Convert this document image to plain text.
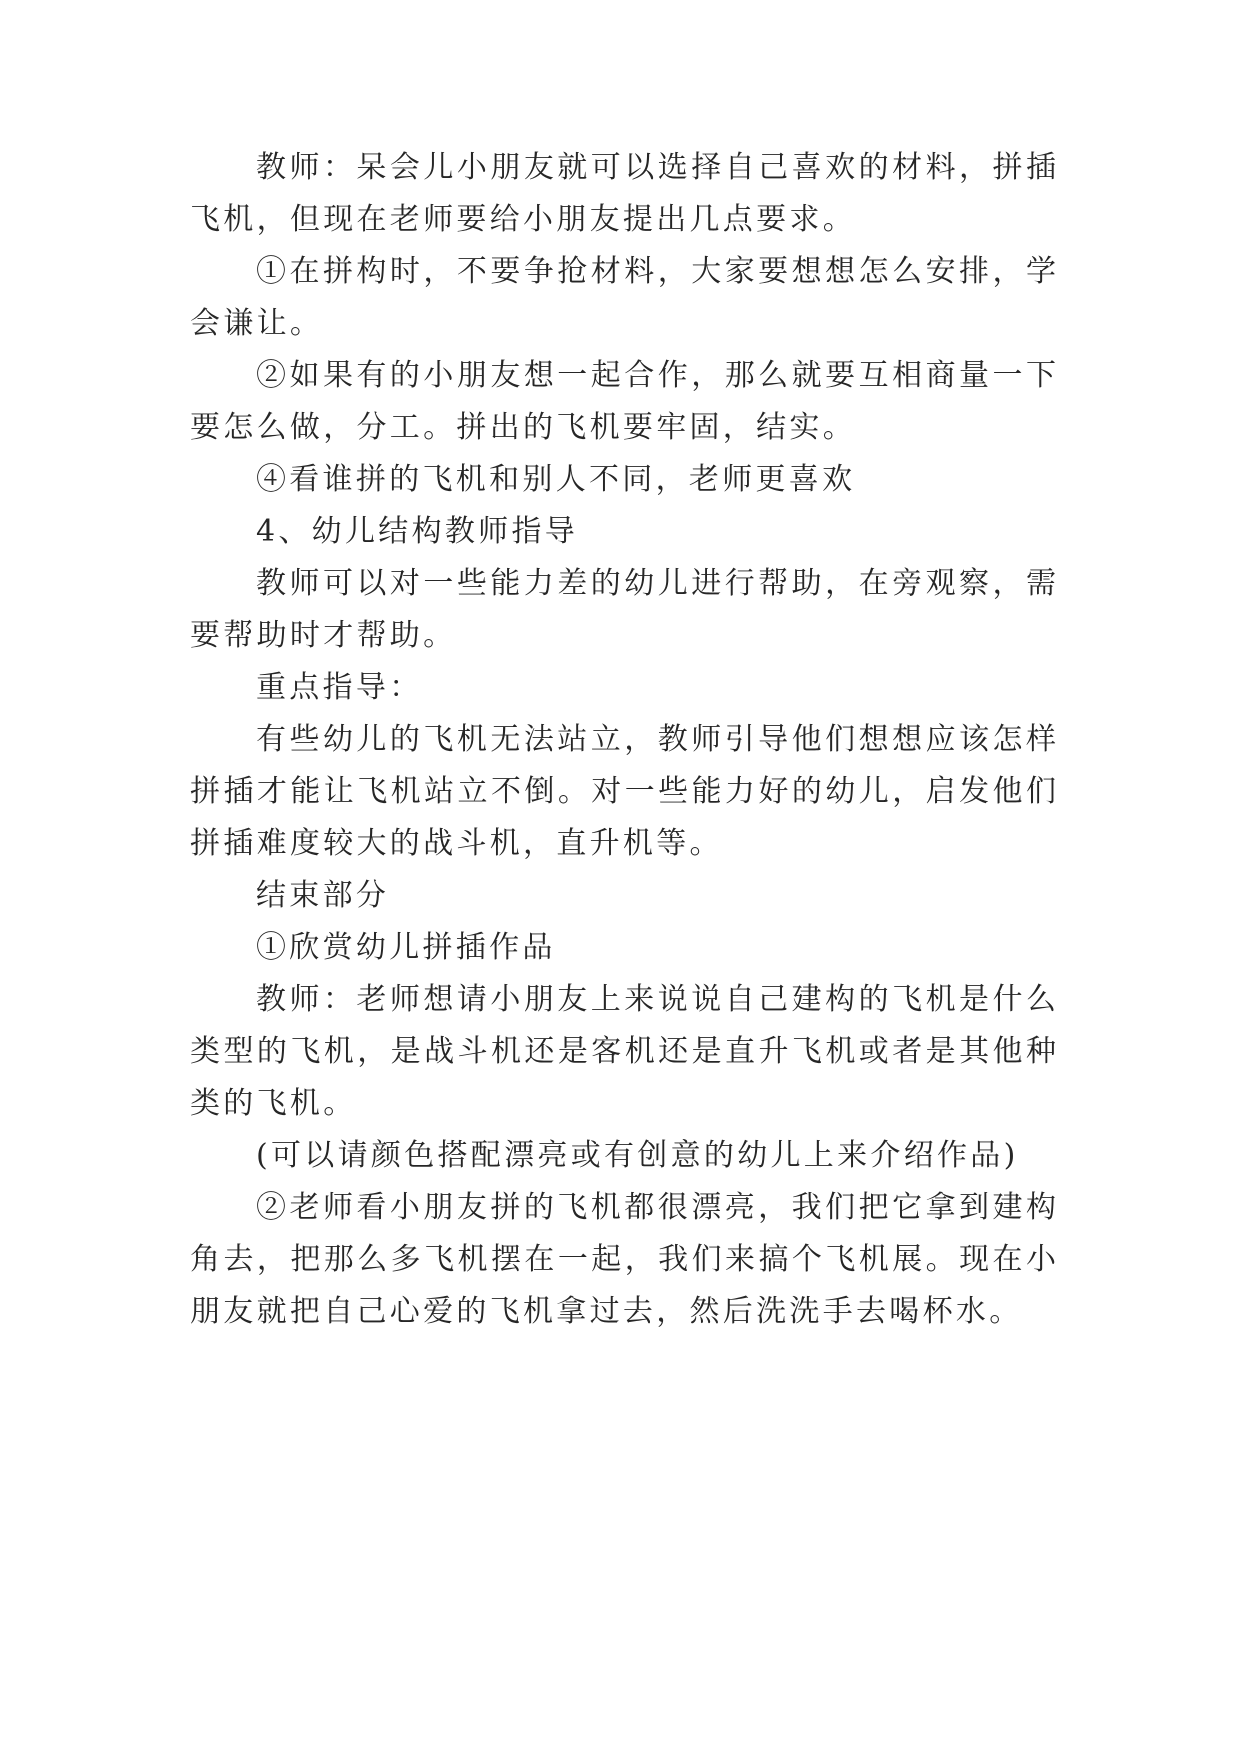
教师：呆会儿小朋友就可以选择自己喜欢的材料，拼插
飞机，但现在老师要给小朋友提出几点要求。
①在拼构时，不要争抢材料，大家要想想怎么安排，学
会谦让。
②如果有的小朋友想一起合作，那么就要互相商量一下
要怎么做，分工。拼出的飞机要牢固，结实。
④看谁拼的飞机和别人不同，老师更喜欢
4、幼儿结构教师指导
教师可以对一些能力差的幼儿进行帮助，在旁观察，需
要帮助时才帮助。
重点指导：
有些幼儿的飞机无法站立，教师引导他们想想应该怎样
拼插才能让飞机站立不倒。对一些能力好的幼儿，启发他们
拼插难度较大的战斗机，直升机等。
结束部分
①欣赏幼儿拼插作品
教师：老师想请小朋友上来说说自己建构的飞机是什么
类型的飞机，是战斗机还是客机还是直升飞机或者是其他种
类的飞机。
(可以请颜色搭配漂亮或有创意的幼儿上来介绍作品)
②老师看小朋友拼的飞机都很漂亮，我们把它拿到建构
角去，把那么多飞机摆在一起，我们来搞个飞机展。现在小
朋友就把自己心爱的飞机拿过去，然后洗洗手去喝杯水。
